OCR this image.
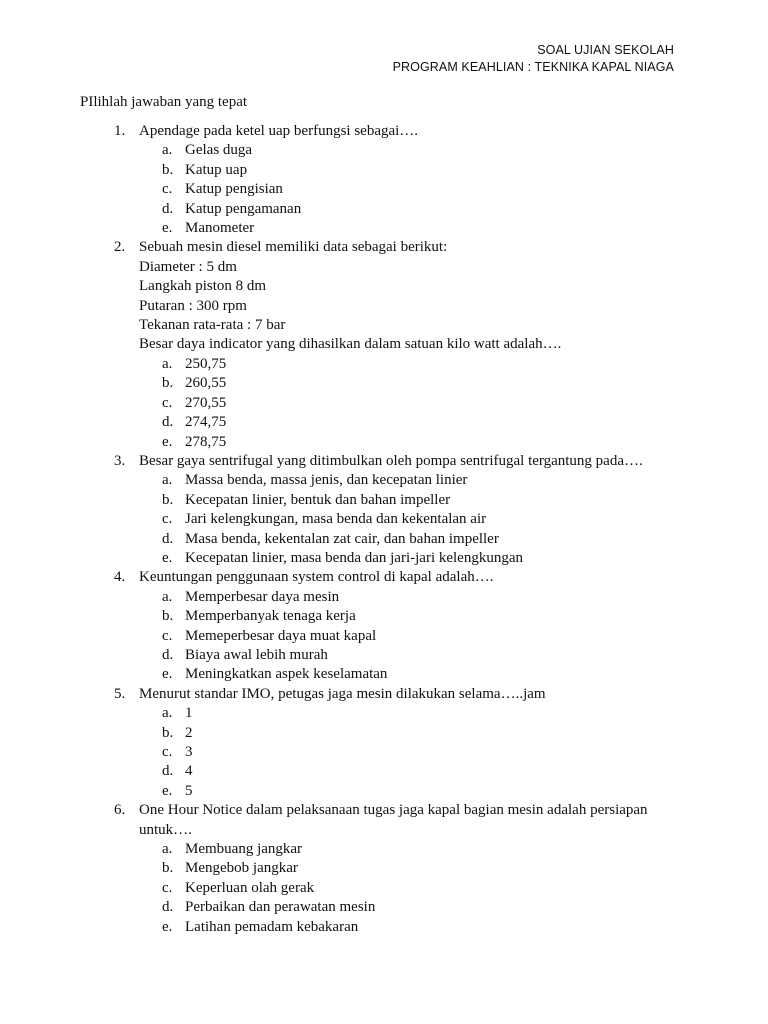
SOAL UJIAN SEKOLAH
PROGRAM KEAHLIAN : TEKNIKA KAPAL NIAGA
PIlihlah jawaban yang tepat
1. Apendage pada ketel uap berfungsi sebagai….
a. Gelas duga
b. Katup uap
c. Katup pengisian
d. Katup pengamanan
e. Manometer
2. Sebuah mesin diesel memiliki data sebagai berikut:
Diameter : 5 dm
Langkah piston 8 dm
Putaran : 300 rpm
Tekanan rata-rata : 7 bar
Besar daya indicator yang dihasilkan dalam satuan kilo watt adalah….
a. 250,75
b. 260,55
c. 270,55
d. 274,75
e. 278,75
3. Besar gaya sentrifugal yang ditimbulkan oleh pompa sentrifugal tergantung pada….
a. Massa benda, massa jenis, dan kecepatan linier
b. Kecepatan linier, bentuk dan bahan impeller
c. Jari kelengkungan, masa benda dan kekentalan air
d. Masa benda, kekentalan zat cair, dan bahan impeller
e. Kecepatan linier, masa benda dan jari-jari kelengkungan
4. Keuntungan penggunaan system control di kapal adalah….
a. Memperbesar daya mesin
b. Memperbanyak tenaga kerja
c. Memeperbesar daya muat kapal
d. Biaya awal lebih murah
e. Meningkatkan aspek keselamatan
5. Menurut standar IMO, petugas jaga mesin dilakukan selama…..jam
a. 1
b. 2
c. 3
d. 4
e. 5
6. One Hour Notice dalam pelaksanaan tugas jaga kapal bagian mesin adalah persiapan
untuk….
a. Membuang jangkar
b. Mengebob jangkar
c. Keperluan olah gerak
d. Perbaikan dan perawatan mesin
e. Latihan pemadam kebakaran
